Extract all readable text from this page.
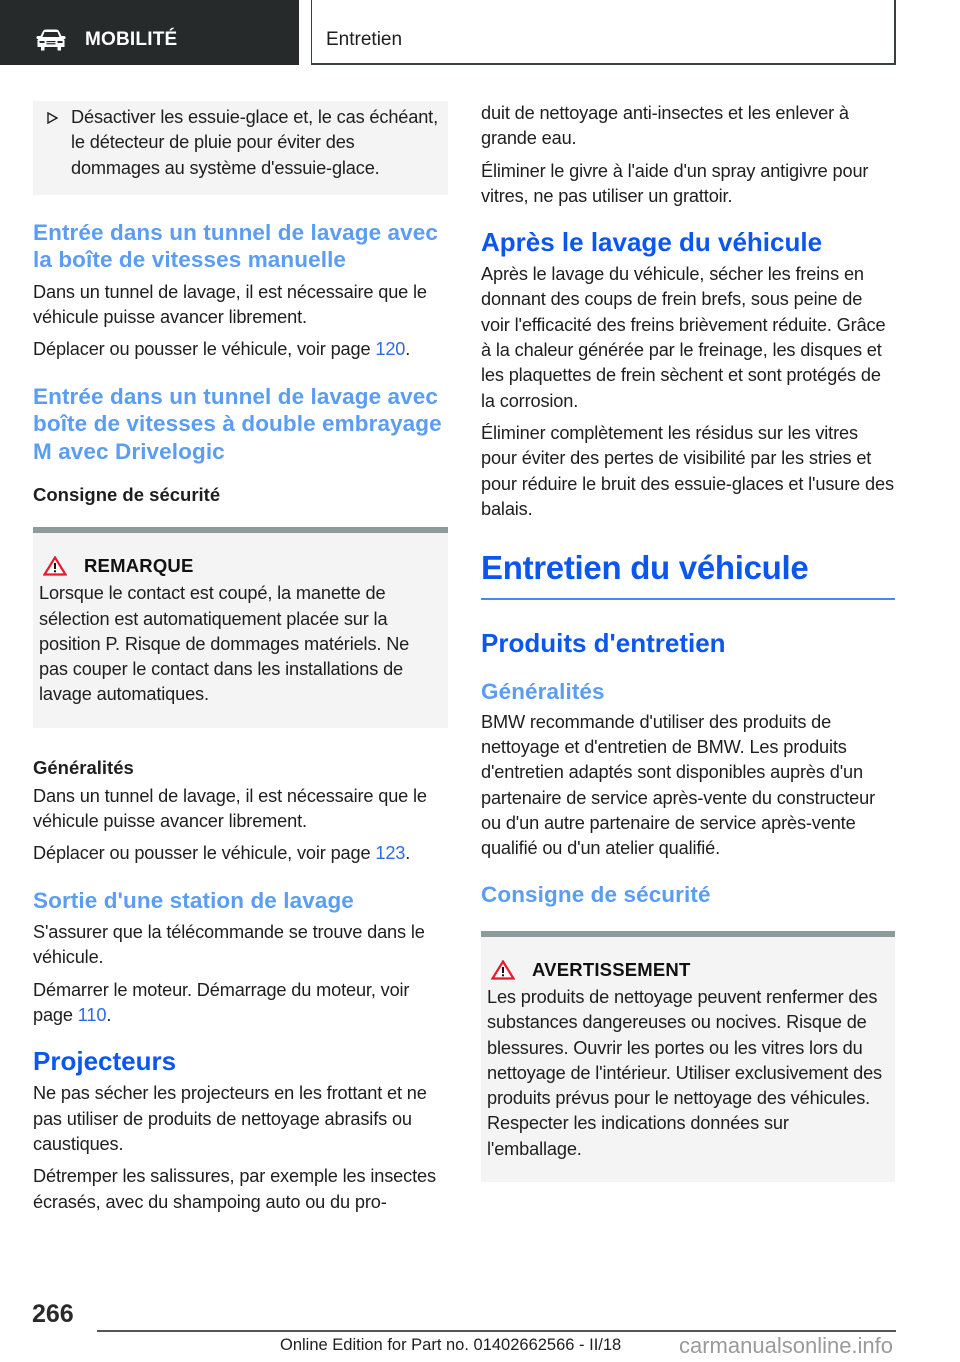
MOBILITÉ	Entretien
Désactiver les essuie-glace et, le cas échéant, le détecteur de pluie pour éviter des dommages au système d'essuie-glace.
Entrée dans un tunnel de lavage avec la boîte de vitesses manuelle

Dans un tunnel de lavage, il est nécessaire que le véhicule puisse avancer librement.

Déplacer ou pousser le véhicule, voir page 120.

Entrée dans un tunnel de lavage avec boîte de vitesses à double embrayage M avec Drivelogic
Consigne de sécurité
REMARQUE
Lorsque le contact est coupé, la manette de sélection est automatiquement placée sur la position P. Risque de dommages matériels. Ne pas couper le contact dans les installations de lavage automatiques.
Généralités

Dans un tunnel de lavage, il est nécessaire que le véhicule puisse avancer librement.

Déplacer ou pousser le véhicule, voir page 123.

Sortie d'une station de lavage

S'assurer que la télécommande se trouve dans le véhicule.

Démarrer le moteur. Démarrage du moteur, voir page 110.

Projecteurs

Ne pas sécher les projecteurs en les frottant et ne pas utiliser de produits de nettoyage abrasifs ou caustiques.

Détremper les salissures, par exemple les insectes écrasés, avec du shampoing auto ou du pro-

duit de nettoyage anti-insectes et les enlever à grande eau.

Éliminer le givre à l'aide d'un spray antigivre pour vitres, ne pas utiliser un grattoir.

Après le lavage du véhicule

Après le lavage du véhicule, sécher les freins en donnant des coups de frein brefs, sous peine de voir l'efficacité des freins brièvement réduite. Grâce à la chaleur générée par le freinage, les disques et les plaquettes de frein sèchent et sont protégés de la corrosion.

Éliminer complètement les résidus sur les vitres pour éviter des pertes de visibilité par les stries et pour réduire le bruit des essuie-glaces et l'usure des balais.

Entretien du véhicule
Produits d'entretien
Généralités

BMW recommande d'utiliser des produits de nettoyage et d'entretien de BMW. Les produits d'entretien adaptés sont disponibles auprès d'un partenaire de service après-vente du constructeur ou d'un autre partenaire de service après-vente qualifié ou d'un atelier qualifié.

Consigne de sécurité
AVERTISSEMENT
Les produits de nettoyage peuvent renfermer des substances dangereuses ou nocives. Risque de blessures. Ouvrir les portes ou les vitres lors du nettoyage de l'intérieur. Utiliser exclusivement des produits prévus pour le nettoyage des véhicules. Respecter les indications données sur l'emballage.
266
Online Edition for Part no. 01402662566 - II/18	carmanualsonline.info
